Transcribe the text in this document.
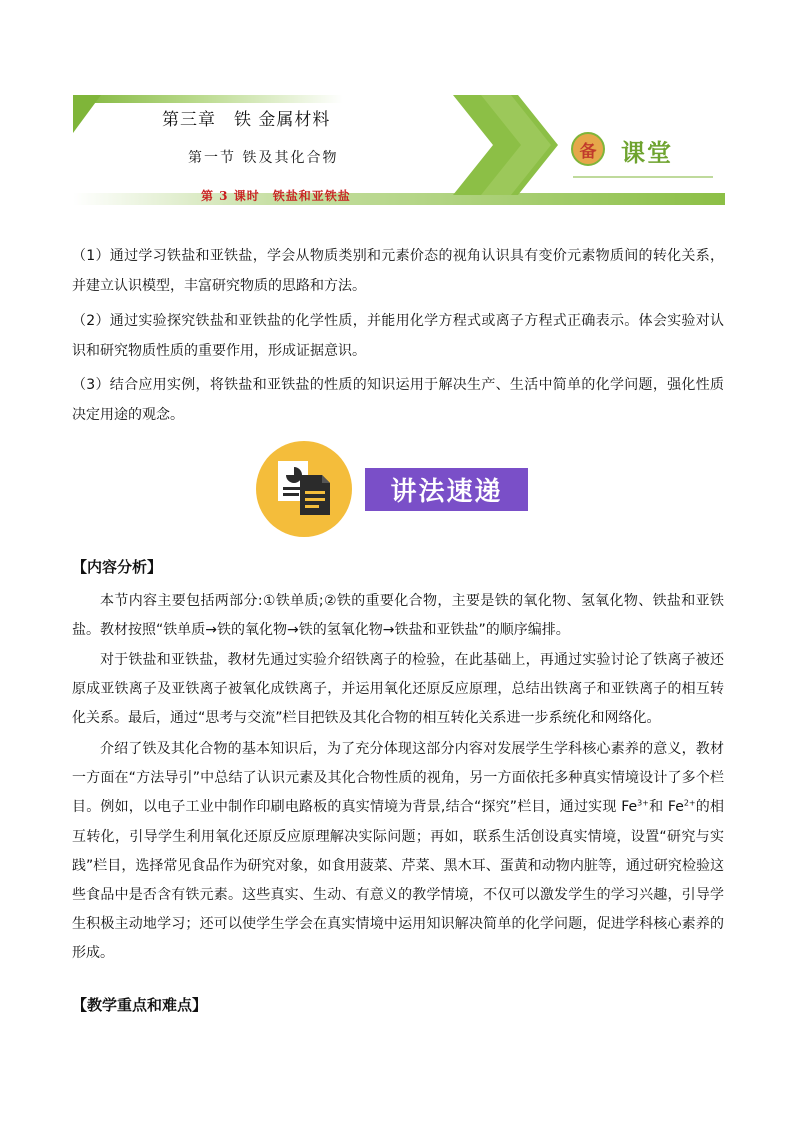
第三章　铁 金属材料
第一节 铁及其化合物
第 3 课时　铁盐和亚铁盐
备 课堂

（1）通过学习铁盐和亚铁盐，学会从物质类别和元素价态的视角认识具有变价元素物质间的转化关系，并建立认识模型，丰富研究物质的思路和方法。

（2）通过实验探究铁盐和亚铁盐的化学性质，并能用化学方程式或离子方程式正确表示。体会实验对认识和研究物质性质的重要作用，形成证据意识。

（3）结合应用实例，将铁盐和亚铁盐的性质的知识运用于解决生产、生活中简单的化学问题，强化性质决定用途的观念。

讲法速递

【内容分析】

本节内容主要包括两部分:①铁单质;②铁的重要化合物，主要是铁的氧化物、氢氧化物、铁盐和亚铁盐。教材按照“铁单质→铁的氧化物→铁的氢氧化物→铁盐和亚铁盐”的顺序编排。

对于铁盐和亚铁盐，教材先通过实验介绍铁离子的检验，在此基础上，再通过实验讨论了铁离子被还原成亚铁离子及亚铁离子被氧化成铁离子，并运用氧化还原反应原理，总结出铁离子和亚铁离子的相互转化关系。最后，通过“思考与交流”栏目把铁及其化合物的相互转化关系进一步系统化和网络化。

介绍了铁及其化合物的基本知识后，为了充分体现这部分内容对发展学生学科核心素养的意义，教材一方面在“方法导引”中总结了认识元素及其化合物性质的视角，另一方面依托多种真实情境设计了多个栏目。例如，以电子工业中制作印刷电路板的真实情境为背景,结合“探究”栏目，通过实现 $Fe^{3+}$和 $Fe^{2+}$的相互转化，引导学生利用氧化还原反应原理解决实际问题；再如，联系生活创设真实情境，设置“研究与实践”栏目，选择常见食品作为研究对象，如食用菠菜、芹菜、黑木耳、蛋黄和动物内脏等，通过研究检验这些食品中是否含有铁元素。这些真实、生动、有意义的教学情境，不仅可以激发学生的学习兴趣，引导学生积极主动地学习；还可以使学生学会在真实情境中运用知识解决简单的化学问题，促进学科核心素养的形成。

【教学重点和难点】
